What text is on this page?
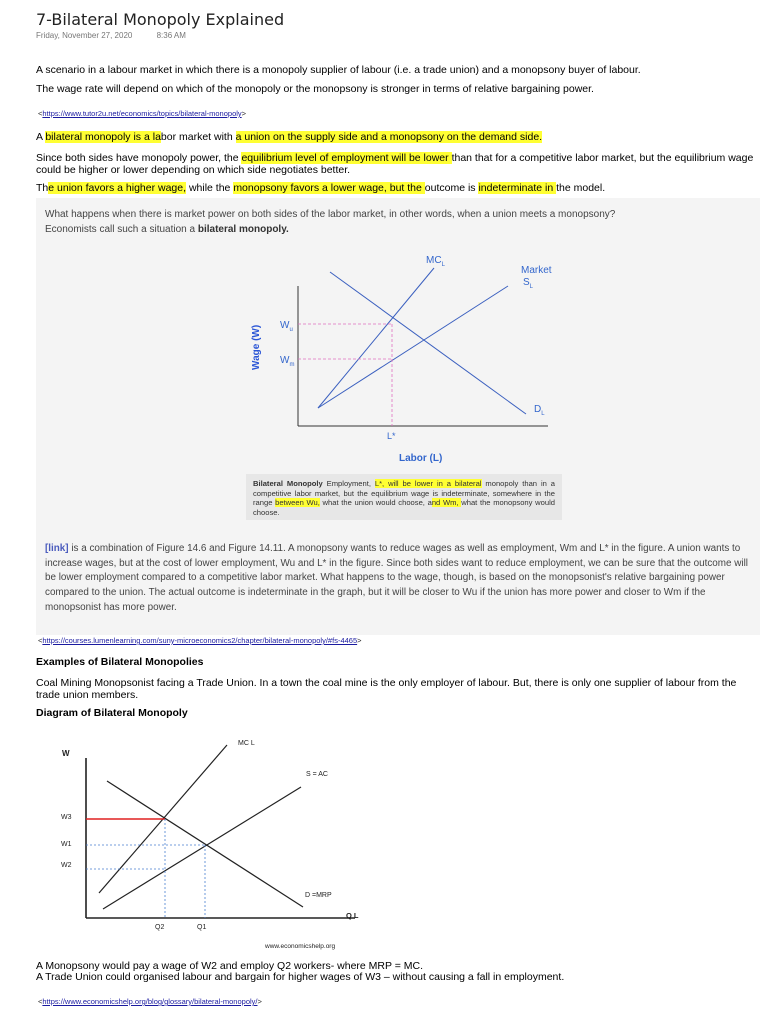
7-Bilateral Monopoly Explained
Friday, November 27, 2020	8:36 AM
A scenario in a labour market in which there is a monopoly supplier of labour (i.e. a trade union) and a monopsony buyer of labour.
The wage rate will depend on which of the monopoly or the monopsony is stronger in terms of relative bargaining power.
<https://www.tutor2u.net/economics/topics/bilateral-monopoly>
A bilateral monopoly is a labor market with a union on the supply side and a monopsony on the demand side.
Since both sides have monopoly power, the equilibrium level of employment will be lower than that for a competitive labor market, but the equilibrium wage could be higher or lower depending on which side negotiates better.
The union favors a higher wage, while the monopsony favors a lower wage, but the outcome is indeterminate in the model.
What happens when there is market power on both sides of the labor market, in other words, when a union meets a monopsony?
Economists call such a situation a bilateral monopoly.
$MC_L$	Market
$S_L$
$D_L$
$W_u$
$W_m$
L*
Labor (L)
Wage (W)
Bilateral Monopoly Employment, L*, will be lower in a bilateral monopoly than in a competitive labor market, but the equilibrium wage is indeterminate, somewhere in the range between Wu, what the union would choose, and Wm, what the monopsony would choose.
[link] is a combination of Figure 14.6 and Figure 14.11. A monopsony wants to reduce wages as well as employment, Wm and L* in the figure. A union wants to increase wages, but at the cost of lower employment, Wu and L* in the figure. Since both sides want to reduce employment, we can be sure that the outcome will be lower employment compared to a competitive labor market. What happens to the wage, though, is based on the monopsonist's relative bargaining power compared to the union. The actual outcome is indeterminate in the graph, but it will be closer to Wu if the union has more power and closer to Wm if the monopsonist has more power.
<https://courses.lumenlearning.com/suny-microeconomics2/chapter/bilateral-monopoly/#fs-4465>
Examples of Bilateral Monopolies
Coal Mining Monopsonist facing a Trade Union. In a town the coal mine is the only employer of labour. But, there is only one supplier of labour from the trade union members.
Diagram of Bilateral Monopoly
W
W3
W1
W2
MC L
S = AC
D =MRP
Q L
Q2	Q1
www.economicshelp.org
A Monopsony would pay a wage of W2 and employ Q2 workers- where MRP = MC.
A Trade Union could organised labour and bargain for higher wages of W3 – without causing a fall in employment.
<https://www.economicshelp.org/blog/glossary/bilateral-monopoly/>
